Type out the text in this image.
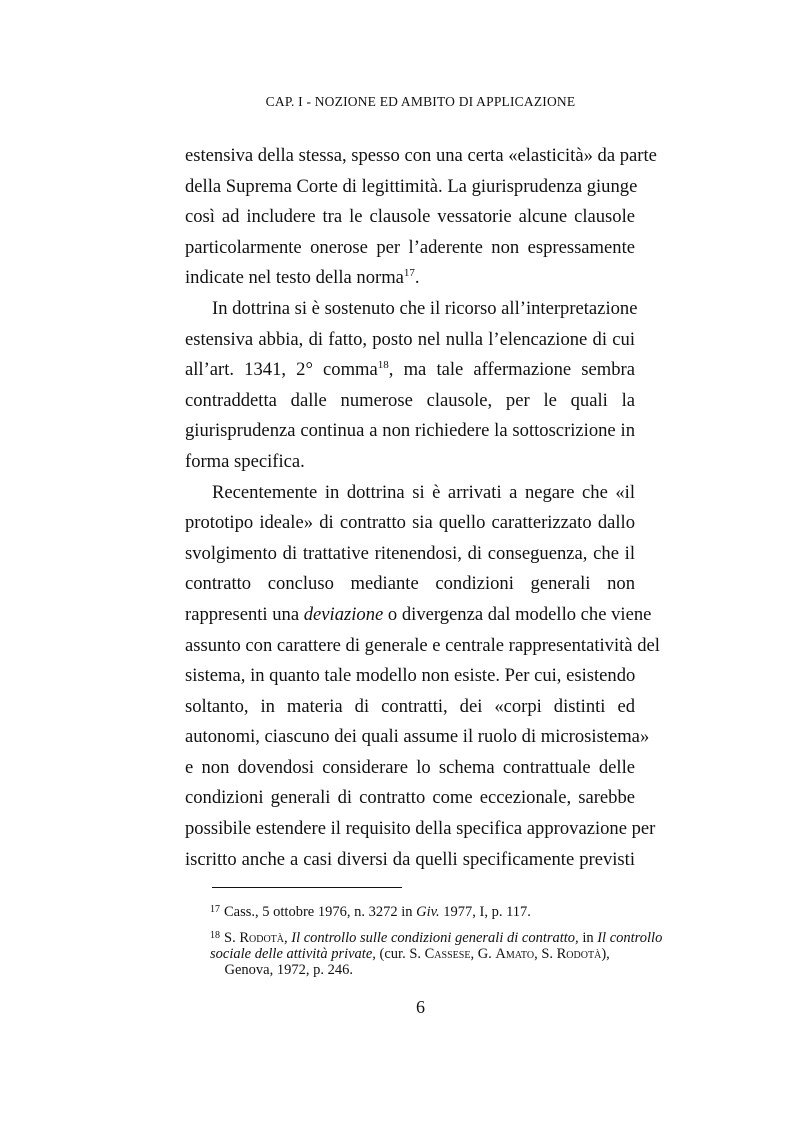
CAP. I - NOZIONE ED AMBITO DI APPLICAZIONE
estensiva della stessa, spesso con una certa «elasticità» da parte
della Suprema Corte di legittimità. La giurisprudenza giunge
così ad includere tra le clausole vessatorie alcune clausole
particolarmente onerose per l’aderente non espressamente
indicate nel testo della norma$^{17}$.
In dottrina si è sostenuto che il ricorso all’interpretazione
estensiva abbia, di fatto, posto nel nulla l’elencazione di cui
all’art. 1341, 2° comma$^{18}$, ma tale affermazione sembra
contraddetta dalle numerose clausole, per le quali la
giurisprudenza continua a non richiedere la sottoscrizione in
forma specifica.
Recentemente in dottrina si è arrivati a negare che «il
prototipo ideale» di contratto sia quello caratterizzato dallo
svolgimento di trattative ritenendosi, di conseguenza, che il
contratto concluso mediante condizioni generali non
rappresenti una deviazione o divergenza dal modello che viene
assunto con carattere di generale e centrale rappresentatività del
sistema, in quanto tale modello non esiste. Per cui, esistendo
soltanto, in materia di contratti, dei «corpi distinti ed
autonomi, ciascuno dei quali assume il ruolo di microsistema»
e non dovendosi considerare lo schema contrattuale delle
condizioni generali di contratto come eccezionale, sarebbe
possibile estendere il requisito della specifica approvazione per
iscritto anche a casi diversi da quelli specificamente previsti
$^{17}$ Cass., 5 ottobre 1976, n. 3272 in Giv. 1977, I, p. 117.
$^{18}$ S. Rodotà, Il controllo sulle condizioni generali di contratto, in Il controllo
sociale delle attività private, (cur. S. Cassese, G. Amato, S. Rodotà),
 Genova, 1972, p. 246.
6
